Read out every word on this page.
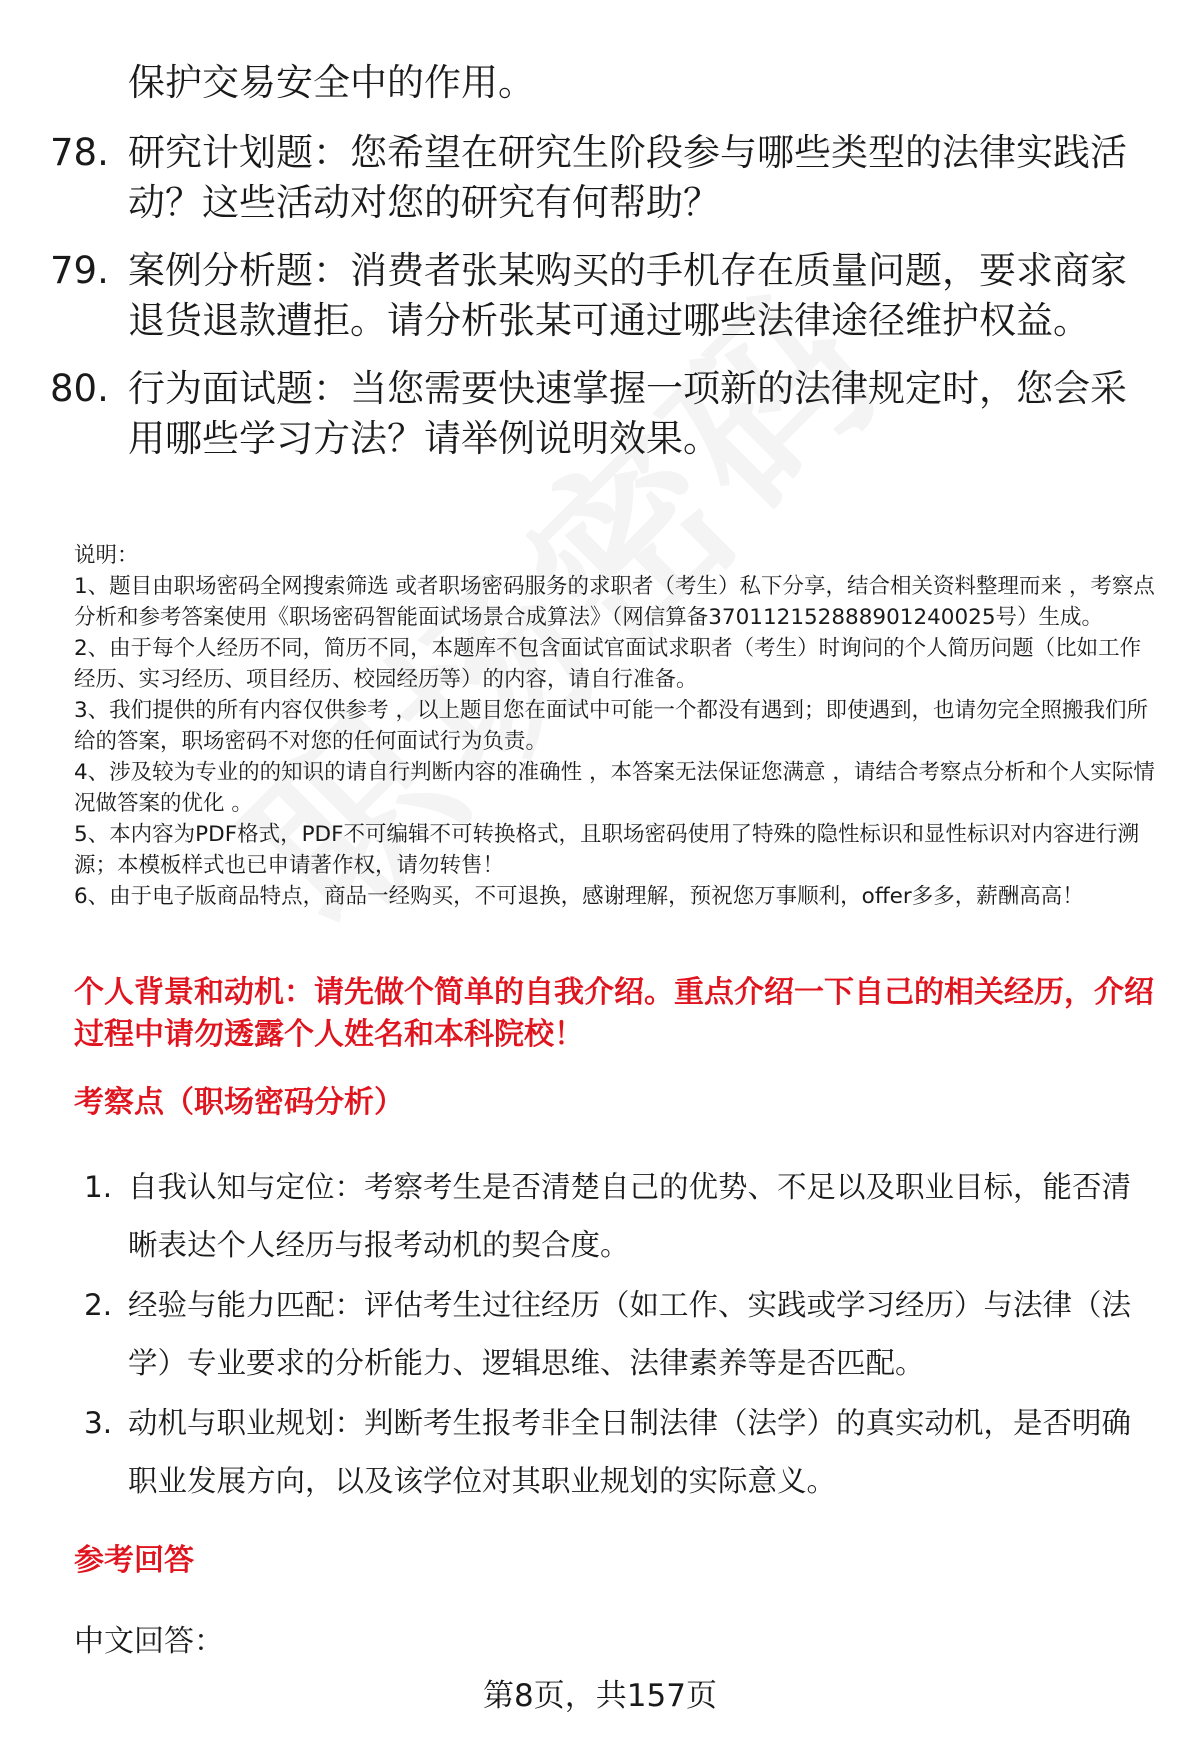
保护交易安全中的作用。
78. 研究计划题：您希望在研究生阶段参与哪些类型的法律实践活动？这些活动对您的研究有何帮助？
79. 案例分析题：消费者张某购买的手机存在质量问题，要求商家退货退款遭拒。请分析张某可通过哪些法律途径维护权益。
80. 行为面试题：当您需要快速掌握一项新的法律规定时，您会采用哪些学习方法？请举例说明效果。

说明：

1、题目由职场密码全网搜索筛选 或者职场密码服务的求职者（考生）私下分享，结合相关资料整理而来 ，考察点分析和参考答案使用《职场密码智能面试场景合成算法》（网信算备370112152888901240025号）生成。

2、由于每个人经历不同，简历不同，本题库不包含面试官面试求职者（考生）时询问的个人简历问题（比如工作经历、实习经历、项目经历、校园经历等）的内容，请自行准备。

3、我们提供的所有内容仅供参考 ，以上题目您在面试中可能一个都没有遇到；即使遇到，也请勿完全照搬我们所给的答案，职场密码不对您的任何面试行为负责。

4、涉及较为专业的的知识的请自行判断内容的准确性 ，本答案无法保证您满意 ，请结合考察点分析和个人实际情况做答案的优化 。

5、本内容为PDF格式，PDF不可编辑不可转换格式，且职场密码使用了特殊的隐性标识和显性标识对内容进行溯源；本模板样式也已申请著作权，请勿转售！

6、由于电子版商品特点，商品一经购买，不可退换，感谢理解，预祝您万事顺利，offer多多，薪酬高高！

个人背景和动机：请先做个简单的自我介绍。重点介绍一下自己的相关经历，介绍过程中请勿透露个人姓名和本科院校！
考察点（职场密码分析）
1. 自我认知与定位：考察考生是否清楚自己的优势、不足以及职业目标，能否清晰表达个人经历与报考动机的契合度。
2. 经验与能力匹配：评估考生过往经历（如工作、实践或学习经历）与法律（法学）专业要求的分析能力、逻辑思维、法律素养等是否匹配。
3. 动机与职业规划：判断考生报考非全日制法律（法学）的真实动机，是否明确职业发展方向，以及该学位对其职业规划的实际意义。
参考回答
中文回答：
第8页，共157页
